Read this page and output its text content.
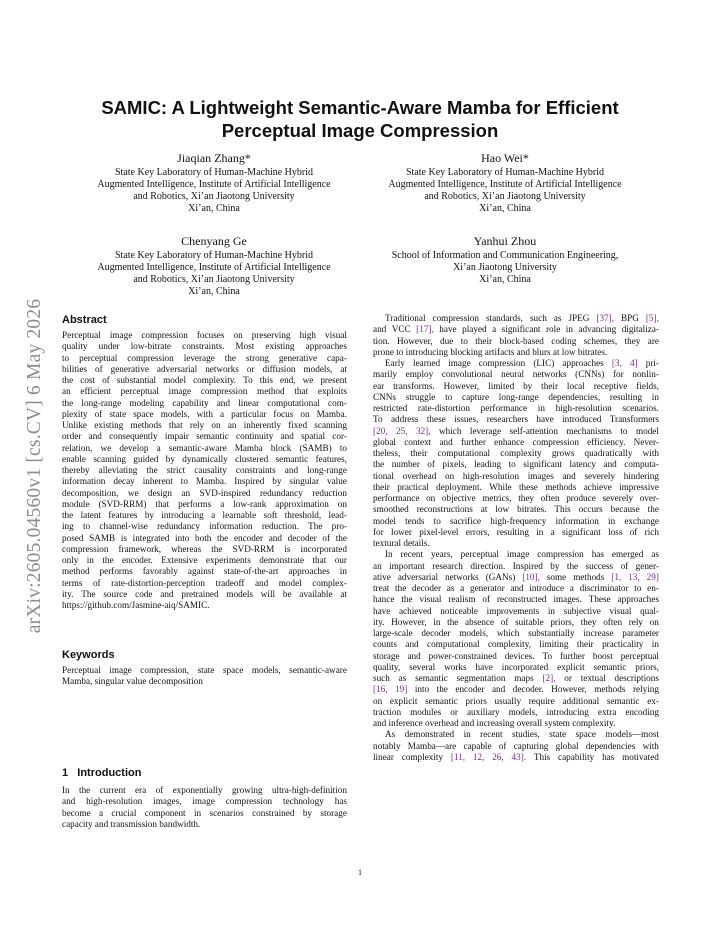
arXiv:2605.04560v1 [cs.CV] 6 May 2026
SAMIC: A Lightweight Semantic-Aware Mamba for Efficient
Perceptual Image Compression
Jiaqian Zhang*
State Key Laboratory of Human-Machine Hybrid
Augmented Intelligence, Institute of Artificial Intelligence
and Robotics, Xi’an Jiaotong University
Xi’an, China
Hao Wei*
State Key Laboratory of Human-Machine Hybrid
Augmented Intelligence, Institute of Artificial Intelligence
and Robotics, Xi’an Jiaotong University
Xi’an, China
Chenyang Ge
State Key Laboratory of Human-Machine Hybrid
Augmented Intelligence, Institute of Artificial Intelligence
and Robotics, Xi’an Jiaotong University
Xi’an, China
Yanhui Zhou
School of Information and Communication Engineering,
Xi’an Jiaotong University
Xi’an, China
Abstract
Perceptual image compression focuses on preserving high visual
quality under low-bitrate constraints. Most existing approaches
to perceptual compression leverage the strong generative capa-
bilities of generative adversarial networks or diffusion models, at
the cost of substantial model complexity. To this end, we present
an efficient perceptual image compression method that exploits
the long-range modeling capability and linear computational com-
plexity of state space models, with a particular focus on Mamba.
Unlike existing methods that rely on an inherently fixed scanning
order and consequently impair semantic continuity and spatial cor-
relation, we develop a semantic-aware Mamba block (SAMB) to
enable scanning guided by dynamically clustered semantic features,
thereby alleviating the strict causality constraints and long-range
information decay inherent to Mamba. Inspired by singular value
decomposition, we design an SVD-inspired redundancy reduction
module (SVD-RRM) that performs a low-rank approximation on
the latent features by introducing a learnable soft threshold, lead-
ing to channel-wise redundancy information reduction. The pro-
posed SAMB is integrated into both the encoder and decoder of the
compression framework, whereas the SVD-RRM is incorporated
only in the encoder. Extensive experiments demonstrate that our
method performs favorably against state-of-the-art approaches in
terms of rate-distortion-perception tradeoff and model complex-
ity. The source code and pretrained models will be available at
https://github.com/Jasmine-aiq/SAMIC.
Keywords
Perceptual image compression, state space models, semantic-aware
Mamba, singular value decomposition
1   Introduction
In the current era of exponentially growing ultra-high-definition
and high-resolution images, image compression technology has
become a crucial component in scenarios constrained by storage
capacity and transmission bandwidth.
Traditional compression standards, such as JPEG [37], BPG [5],
and VCC [17], have played a significant role in advancing digitaliza-
tion. However, due to their block-based coding schemes, they are
prone to introducing blocking artifacts and blurs at low bitrates.
Early learned image compression (LIC) approaches [3, 4] pri-
marily employ convolutional neural networks (CNNs) for nonlin-
ear transforms. However, limited by their local receptive fields,
CNNs struggle to capture long-range dependencies, resulting in
restricted rate-distortion performance in high-resolution scenarios.
To address these issues, researchers have introduced Transformers
[20, 25, 32], which leverage self-attention mechanisms to model
global context and further enhance compression efficiency. Never-
theless, their computational complexity grows quadratically with
the number of pixels, leading to significant latency and computa-
tional overhead on high-resolution images and severely hindering
their practical deployment. While these methods achieve impressive
performance on objective metrics, they often produce severely over-
smoothed reconstructions at low bitrates. This occurs because the
model tends to sacrifice high-frequency information in exchange
for lower pixel-level errors, resulting in a significant loss of rich
textural details.
In recent years, perceptual image compression has emerged as
an important research direction. Inspired by the success of gener-
ative adversarial networks (GANs) [10], some methods [1, 13, 29]
treat the decoder as a generator and introduce a discriminator to en-
hance the visual realism of reconstructed images. These approaches
have achieved noticeable improvements in subjective visual qual-
ity. However, in the absence of suitable priors, they often rely on
large-scale decoder models, which substantially increase parameter
counts and computational complexity, limiting their practicality in
storage and power-constrained devices. To further boost perceptual
quality, several works have incorporated explicit semantic priors,
such as semantic segmentation maps [2], or textual descriptions
[16, 19] into the encoder and decoder. However, methods relying
on explicit semantic priors usually require additional semantic ex-
traction modules or auxiliary models, introducing extra encoding
and inference overhead and increasing overall system complexity.
As demonstrated in recent studies, state space models—most
notably Mamba—are capable of capturing global dependencies with
linear complexity [11, 12, 26, 43]. This capability has motivated
1
